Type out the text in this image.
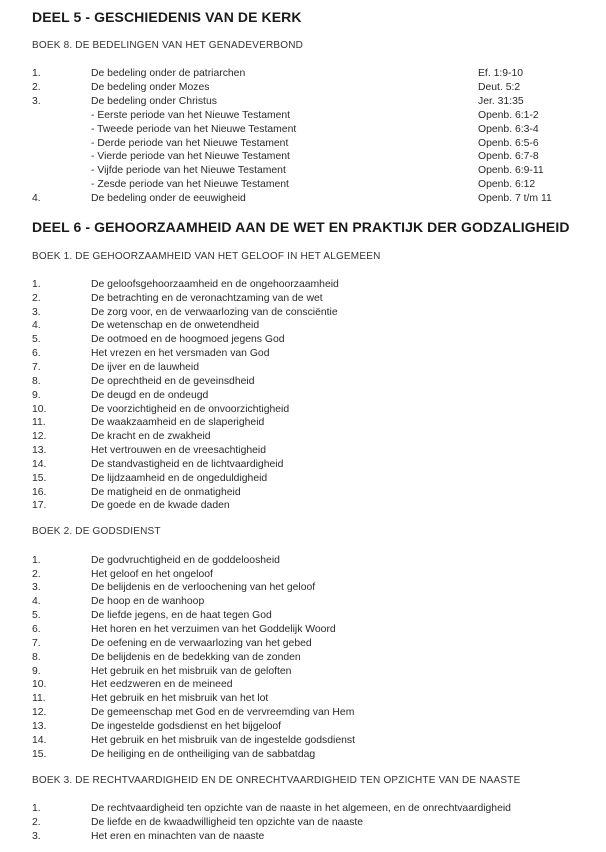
DEEL 5 - GESCHIEDENIS VAN DE KERK
BOEK 8. DE BEDELINGEN VAN HET GENADEVERBOND
1.	De bedeling onder de patriarchen	Ef. 1:9-10
2.	De bedeling onder Mozes	Deut. 5:2
3.	De bedeling onder Christus	Jer. 31:35
- Eerste periode van het Nieuwe Testament	Openb. 6:1-2
- Tweede periode van het Nieuwe Testament	Openb. 6:3-4
- Derde periode van het Nieuwe Testament	Openb. 6:5-6
- Vierde periode van het Nieuwe Testament	Openb. 6:7-8
- Vijfde periode van het Nieuwe Testament	Openb. 6:9-11
- Zesde periode van het Nieuwe Testament	Openb. 6:12
4.	De bedeling onder de eeuwigheid	Openb. 7 t/m 11
DEEL 6 - GEHOORZAAMHEID AAN DE WET EN PRAKTIJK DER GODZALIGHEID
BOEK 1. DE GEHOORZAAMHEID VAN HET GELOOF IN HET ALGEMEEN
1.	De geloofsgehoorzaamheid en de ongehoorzaamheid
2.	De betrachting en de veronachtzaming van de wet
3.	De zorg voor, en de verwaarlozing van de consciëntie
4.	De wetenschap en de onwetendheid
5.	De ootmoed en de hoogmoed jegens God
6.	Het vrezen en het versmaden van God
7.	De ijver en de lauwheid
8.	De oprechtheid en de geveinsdheid
9.	De deugd en de ondeugd
10.	De voorzichtigheid en de onvoorzichtigheid
11.	De waakzaamheid en de slaperigheid
12.	De kracht en de zwakheid
13.	Het vertrouwen en de vreesachtigheid
14.	De standvastigheid en de lichtvaardigheid
15.	De lijdzaamheid en de ongeduldigheid
16.	De matigheid en de onmatigheid
17.	De goede en de kwade daden
BOEK 2. DE GODSDIENST
1.	De godvruchtigheid en de goddeloosheid
2.	Het geloof en het ongeloof
3.	De belijdenis en de verloochening van het geloof
4.	De hoop en de wanhoop
5.	De liefde jegens, en de haat tegen God
6.	Het horen en het verzuimen van het Goddelijk Woord
7.	De oefening en de verwaarlozing van het gebed
8.	De belijdenis en de bedekking van de zonden
9.	Het gebruik en het misbruik van de geloften
10.	Het eedzweren en de meineed
11.	Het gebruik en het misbruik van het lot
12.	De gemeenschap met God en de vervreemding van Hem
13.	De ingestelde godsdienst en het bijgeloof
14.	Het gebruik en het misbruik van de ingestelde godsdienst
15.	De heiliging en de ontheiliging van de sabbatdag
BOEK 3. DE RECHTVAARDIGHEID EN DE ONRECHTVAARDIGHEID TEN OPZICHTE VAN DE NAASTE
1.	De rechtvaardigheid ten opzichte van de naaste in het algemeen, en de onrechtvaardigheid
2.	De liefde en de kwaadwilligheid ten opzichte van de naaste
3.	Het eren en minachten van de naaste
